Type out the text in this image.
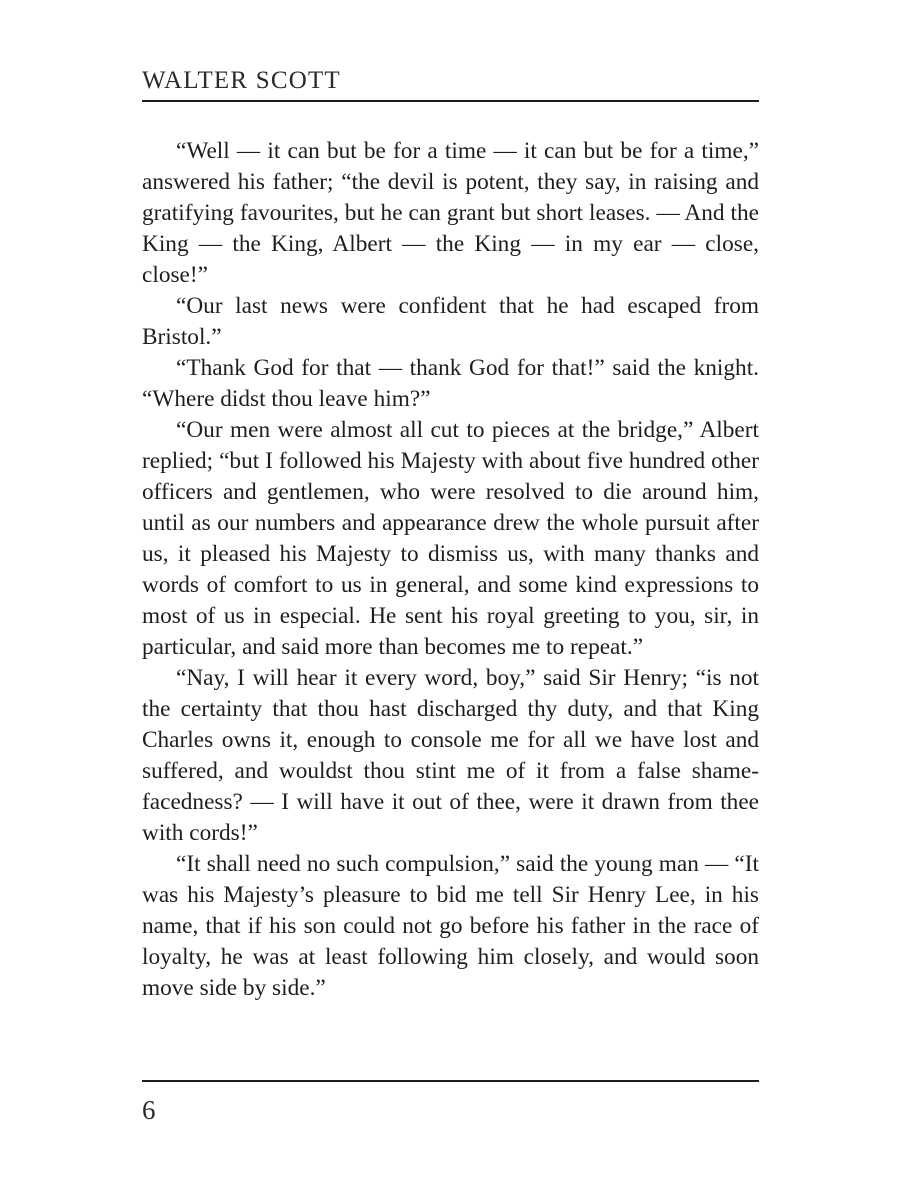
WALTER SCOTT

“Well — it can but be for a time — it can but be for a time,” answered his father; “the devil is potent, they say, in raising and gratifying favourites, but he can grant but short leases. — And the King — the King, Albert — the King — in my ear — close, close!”

“Our last news were confident that he had escaped from Bristol.”

“Thank God for that — thank God for that!” said the knight. “Where didst thou leave him?”

“Our men were almost all cut to pieces at the bridge,” Albert replied; “but I followed his Majesty with about five hundred other officers and gentlemen, who were resolved to die around him, until as our numbers and appearance drew the whole pursuit after us, it pleased his Majesty to dismiss us, with many thanks and words of comfort to us in general, and some kind expressions to most of us in especial. He sent his royal greeting to you, sir, in particular, and said more than becomes me to repeat.”

“Nay, I will hear it every word, boy,” said Sir Henry; “is not the certainty that thou hast discharged thy duty, and that King Charles owns it, enough to console me for all we have lost and suffered, and wouldst thou stint me of it from a false shame-facedness? — I will have it out of thee, were it drawn from thee with cords!”

“It shall need no such compulsion,” said the young man — “It was his Majesty’s pleasure to bid me tell Sir Henry Lee, in his name, that if his son could not go before his father in the race of loyalty, he was at least following him closely, and would soon move side by side.”

6
